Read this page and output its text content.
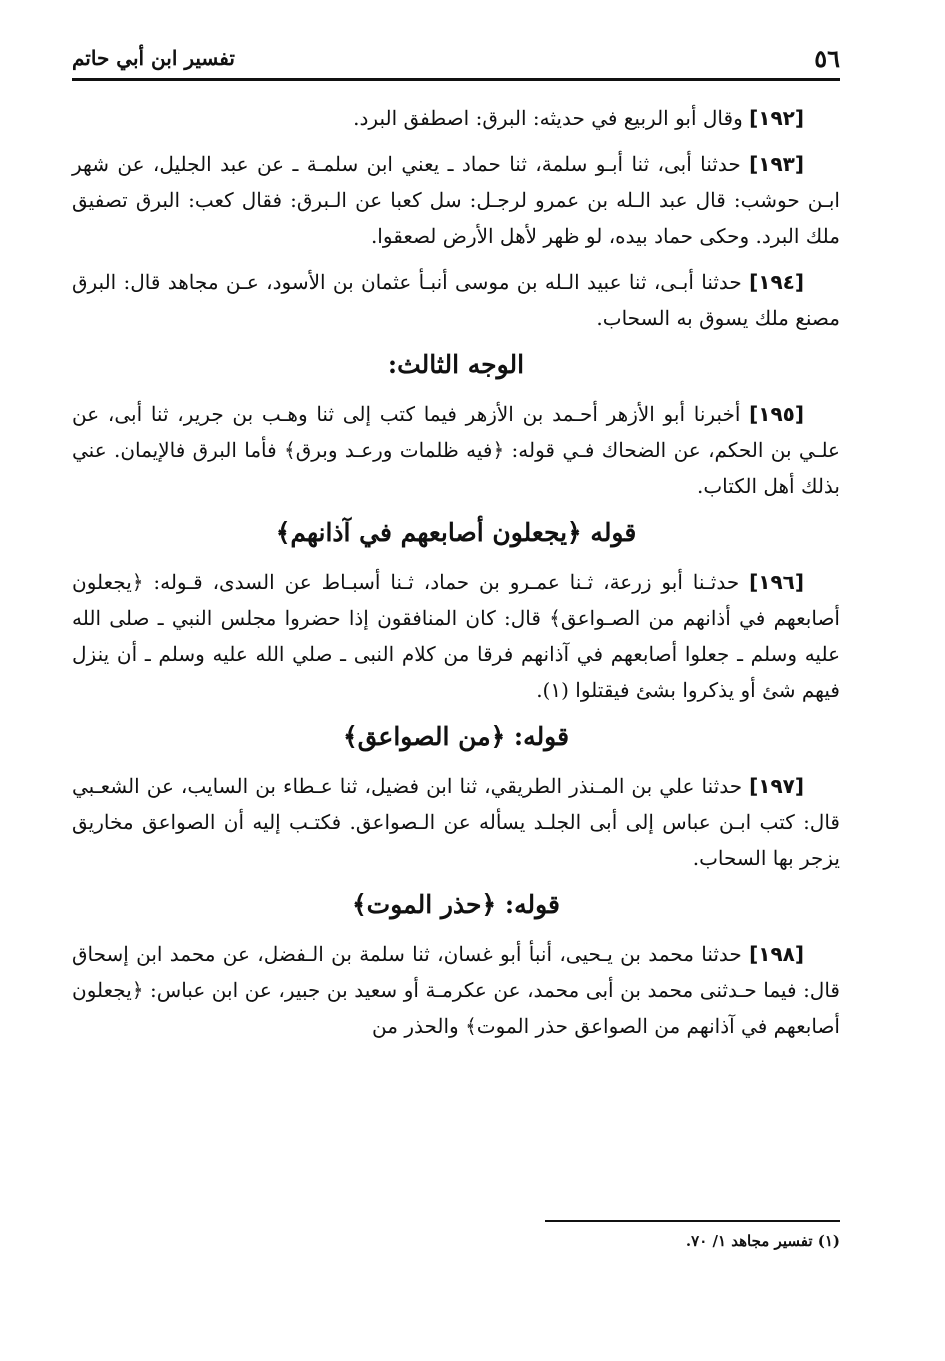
٥٦
تفسير ابن أبي حاتم

[١٩٢] وقال أبو الربيع في حديثه: البرق: اصطفق البرد.

[١٩٣] حدثنا أبى، ثنا أبـو سلمة، ثنا حماد ـ يعني ابن سلمـة ـ عن عبد الجليل، عن شهر ابـن حوشب: قال عبد الـله بن عمرو لرجـل: سل كعبا عن الـبرق: فقال كعب: البرق تصفيق ملك البرد. وحكى حماد بيده، لو ظهر لأهل الأرض لصعقوا.

[١٩٤] حدثنا أبـى، ثنا عبيد الـله بن موسى أنبـأ عثمان بن الأسود، عـن مجاهد قال: البرق مصنع ملك يسوق به السحاب.

الوجه الثالث:

[١٩٥] أخبرنا أبو الأزهر أحـمد بن الأزهر فيما كتب إلى ثنا وهـب بن جرير، ثنا أبى، عن علـي بن الحكم، عن الضحاك فـي قوله: ﴿فيه ظلمات ورعـد وبرق﴾ فأما البرق فالإيمان. عني بذلك أهل الكتاب.

قوله ﴿يجعلون أصابعهم في آذانهم﴾

[١٩٦] حدثـنا أبو زرعة، ثـنا عمـرو بن حماد، ثـنا أسبـاط عن السدى، قـوله: ﴿يجعلون أصابعهم في أذانهم من الصـواعق﴾ قال: كان المنافقون إذا حضروا مجلس النبي ـ صلى الله عليه وسلم ـ جعلوا أصابعهم في آذانهم فرقا من كلام النبى ـ صلي الله عليه وسلم ـ أن ينزل فيهم شئ أو يذكروا بشئ فيقتلوا (١).

قوله: ﴿من الصواعق﴾

[١٩٧] حدثنا علي بن المـنذر الطريقي، ثنا ابن فضيل، ثنا عـطاء بن السايب، عن الشعـبي قال: كتب ابـن عباس إلى أبى الجلـد يسأله عن الـصواعق. فكتـب إليه أن الصواعق مخاريق يزجر بها السحاب.

قوله: ﴿حذر الموت﴾

[١٩٨] حدثنا محمد بن يـحيى، أنبأ أبو غسان، ثنا سلمة بن الـفضل، عن محمد ابن إسحاق قال: فيما حـدثنى محمد بن أبى محمد، عن عكرمـة أو سعيد بن جبير، عن ابن عباس: ﴿يجعلون أصابعهم في آذانهم من الصواعق حذر الموت﴾ والحذر من

(١) تفسير مجاهد ١/ ٧٠.
